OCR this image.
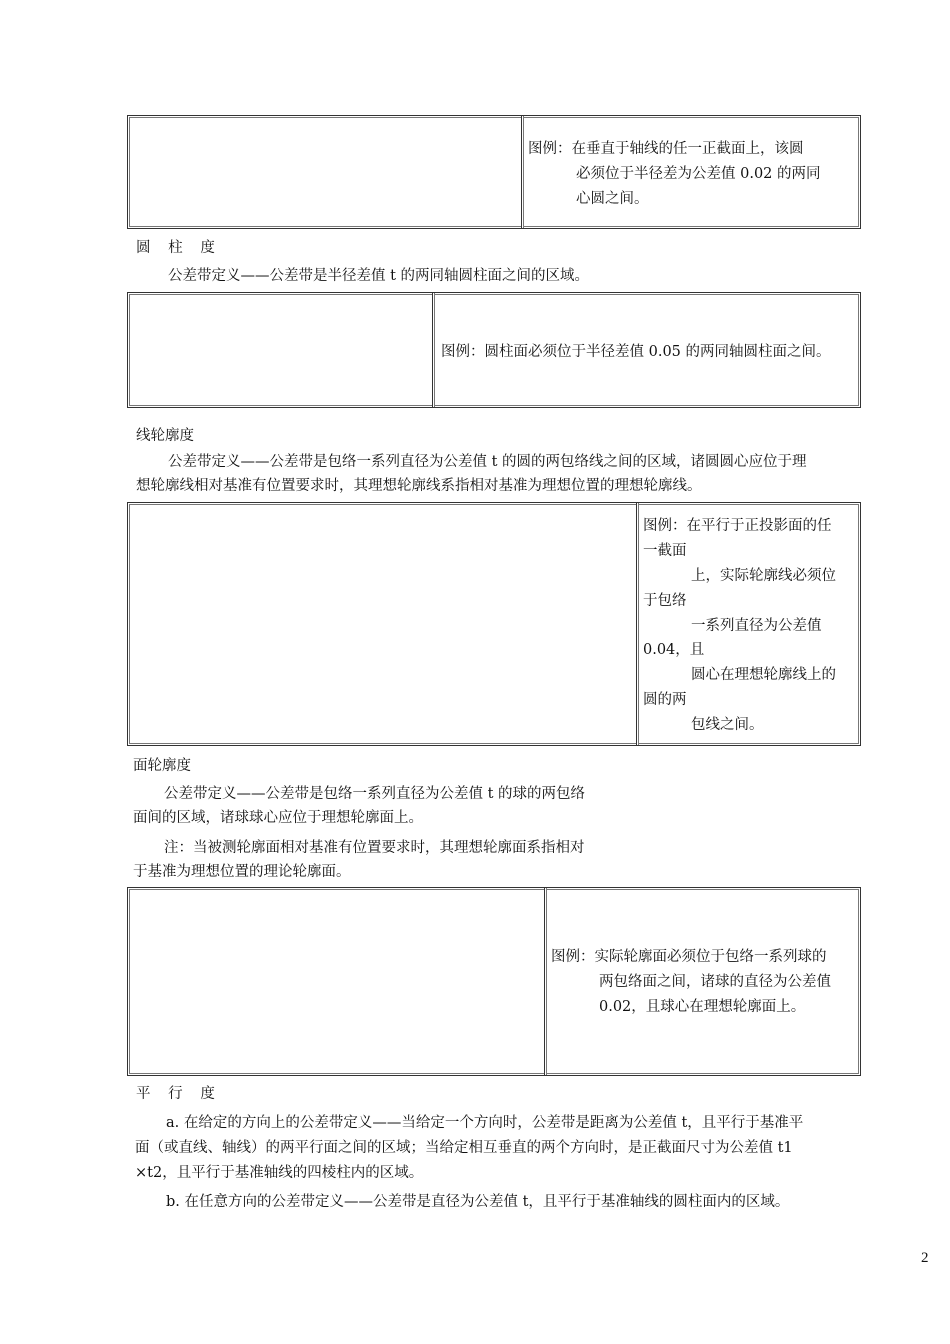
图例：在垂直于轴线的任一正截面上，该圆
必须位于半径差为公差值 0.02 的两同
心圆之间。
圆 柱 度
公差带定义——公差带是半径差值 t 的两同轴圆柱面之间的区域。
图例：圆柱面必须位于半径差值 0.05 的两同轴圆柱面之间。
线轮廓度
公差带定义——公差带是包络一系列直径为公差值 t 的圆的两包络线之间的区域，诸圆圆心应位于理
想轮廓线相对基准有位置要求时，其理想轮廓线系指相对基准为理想位置的理想轮廓线。
图例：在平行于正投影面的任
一截面
上，实际轮廓线必须位
于包络
一系列直径为公差值
0.04，且
圆心在理想轮廓线上的
圆的两
包线之间。
面轮廓度
公差带定义——公差带是包络一系列直径为公差值 t 的球的两包络
面间的区域，诸球球心应位于理想轮廓面上。
注：当被测轮廓面相对基准有位置要求时，其理想轮廓面系指相对
于基准为理想位置的理论轮廓面。
图例：实际轮廓面必须位于包络一系列球的
两包络面之间，诸球的直径为公差值
0.02，且球心在理想轮廓面上。
平 行 度
a. 在给定的方向上的公差带定义——当给定一个方向时，公差带是距离为公差值 t，且平行于基准平
面（或直线、轴线）的两平行面之间的区域；当给定相互垂直的两个方向时，是正截面尺寸为公差值 t1
×t2，且平行于基准轴线的四棱柱内的区域。
b. 在任意方向的公差带定义——公差带是直径为公差值 t，且平行于基准轴线的圆柱面内的区域。
2
